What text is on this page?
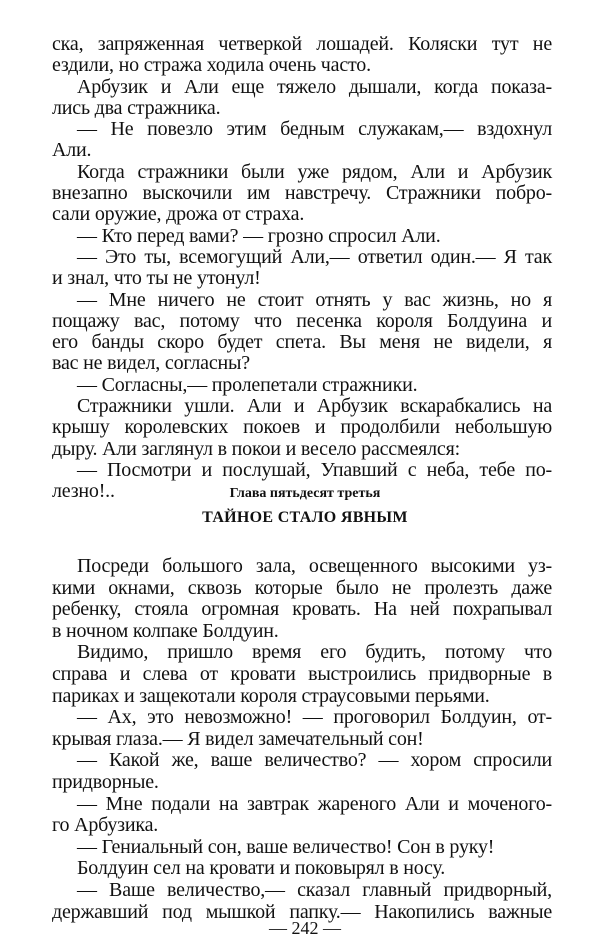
ска, запряженная четверкой лошадей. Коляски тут не
ездили, но стража ходила очень часто.
Арбузик и Али еще тяжело дышали, когда показа-
лись два стражника.
— Не повезло этим бедным служакам,— вздохнул
Али.
Когда стражники были уже рядом, Али и Арбузик
внезапно выскочили им навстречу. Стражники побро-
сали оружие, дрожа от страха.
— Кто перед вами? — грозно спросил Али.
— Это ты, всемогущий Али,— ответил один.— Я так
и знал, что ты не утонул!
— Мне ничего не стоит отнять у вас жизнь, но я
пощажу вас, потому что песенка короля Болдуина и
его банды скоро будет спета. Вы меня не видели, я
вас не видел, согласны?
— Согласны,— пролепетали стражники.
Стражники ушли. Али и Арбузик вскарабкались на
крышу королевских покоев и продолбили небольшую
дыру. Али заглянул в покои и весело рассмеялся:
— Посмотри и послушай, Упавший с неба, тебе по-
лезно!..	Глава пятьдесят третья
ТАЙНОЕ СТАЛО ЯВНЫМ
Посреди большого зала, освещенного высокими уз-
кими окнами, сквозь которые было не пролезть даже
ребенку, стояла огромная кровать. На ней похрапывал
в ночном колпаке Болдуин.
Видимо, пришло время его будить, потому что
справа и слева от кровати выстроились придворные в
париках и защекотали короля страусовыми перьями.
— Ах, это невозможно! — проговорил Болдуин, от-
крывая глаза.— Я видел замечательный сон!
— Какой же, ваше величество? — хором спросили
придворные.
— Мне подали на завтрак жареного Али и моченого-
го Арбузика.
— Гениальный сон, ваше величество! Сон в руку!
Болдуин сел на кровати и поковырял в носу.
— Ваше величество,— сказал главный придворный,
державший под мышкой папку.— Накопились важные
— 242 —
